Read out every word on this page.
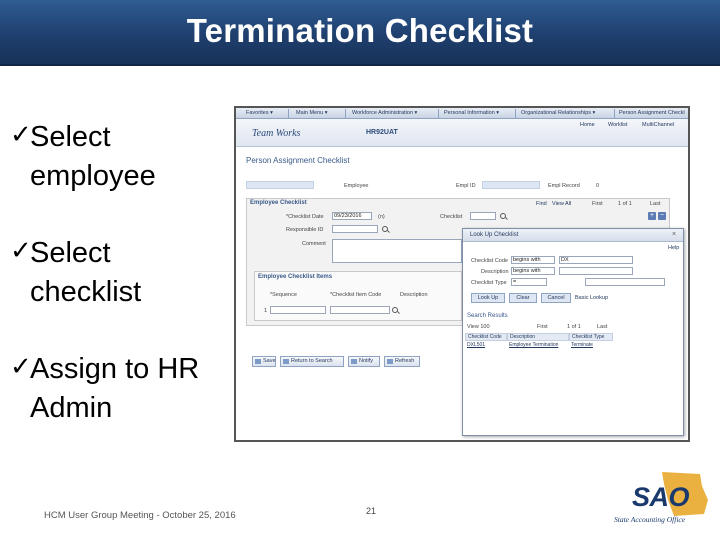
Termination Checklist
✓
Select
employee
✓
Select
checklist
✓
Assign to HR
Admin
Favorites ▾	Main Menu ▾	Workforce Administration ▾	Personal Information ▾	Organizational Relationships ▾	Person Assignment Checkl
Team Works	HR92UAT
Home Worklist	MultiChannel
Person Assignment Checklist
Employee	Empl ID	Empl Record	0
Employee Checklist	Find View All	First	1 of 1	Last
*Checklist Date	09/23/2016	(n)	Checklist	+ −
Responsible ID
Comment
Employee Checklist Items
*Sequence	*Checklist Item Code	Description
1
Save	Return to Search	Notify	Refresh
Look Up Checklist	×
Help
Checklist Code begins with	DX
Description begins with
Checklist Type	=
Look Up	Clear	Cancel	Basic Lookup
Search Results
View 100	First	1 of 1	Last
Checklist Code	Description	Checklist Type
DXL501	Employee Termination	Terminate
HCM User Group Meeting - October 25, 2016	21	SAO
State Accounting Office
